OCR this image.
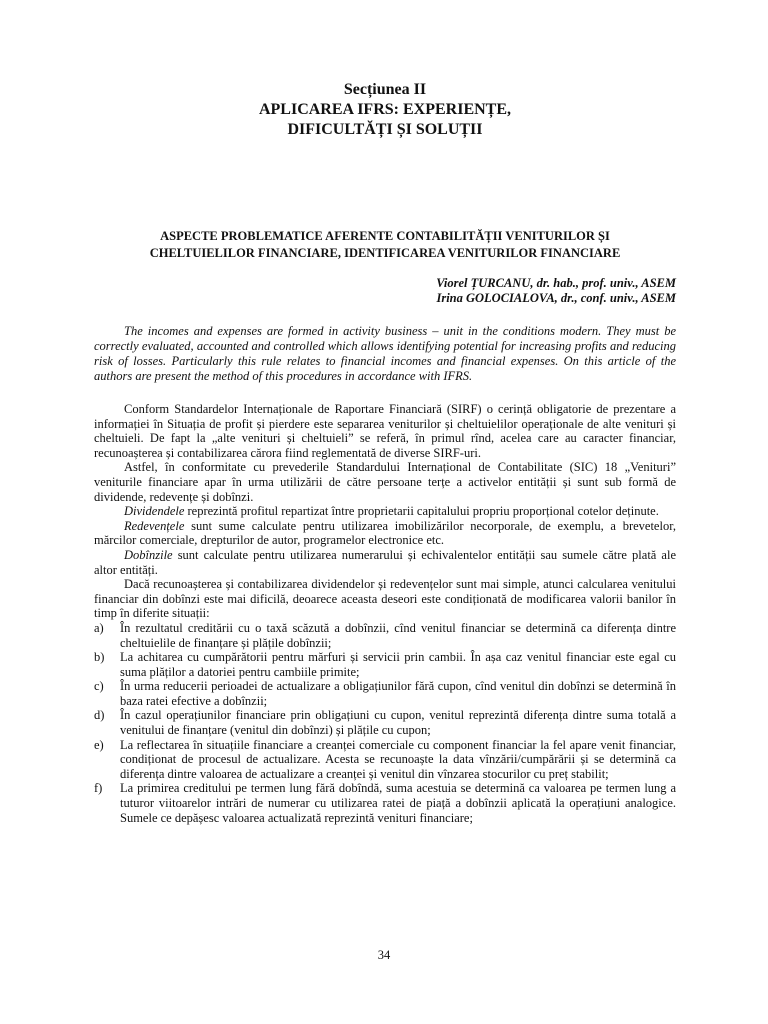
Secțiunea II
APLICAREA IFRS: EXPERIENȚE,
DIFICULTĂȚI ȘI SOLUȚII
ASPECTE PROBLEMATICE AFERENTE CONTABILITĂȚII VENITURILOR ȘI
CHELTUIELILOR FINANCIARE, IDENTIFICAREA VENITURILOR FINANCIARE
Viorel ȚURCANU, dr. hab., prof. univ., ASEM
Irina GOLOCIALOVA, dr., conf. univ., ASEM
The incomes and expenses are formed in activity business – unit in the conditions modern. They must be correctly evaluated, accounted and controlled which allows identifying potential for increasing profits and reducing risk of losses. Particularly this rule relates to financial incomes and financial expenses. On this article of the authors are present the method of this procedures in accordance with IFRS.

Conform Standardelor Internaționale de Raportare Financiară (SIRF) o cerință obligatorie de prezentare a informației în Situația de profit și pierdere este separarea veniturilor și cheltuielilor operaționale de alte venituri și cheltuieli. De fapt la „alte venituri și cheltuieli” se referă, în primul rînd, acelea care au caracter financiar, recunoașterea și contabilizarea cărora fiind reglementată de diverse SIRF-uri.

Astfel, în conformitate cu prevederile Standardului Internațional de Contabilitate (SIC) 18 „Venituri” veniturile financiare apar în urma utilizării de către persoane terțe a activelor entității și sunt sub formă de dividende, redevențe și dobînzi.

Dividendele reprezintă profitul repartizat între proprietarii capitalului propriu proporțional cotelor deținute.

Redevențele sunt sume calculate pentru utilizarea imobilizărilor necorporale, de exemplu, a brevetelor, mărcilor comerciale, drepturilor de autor, programelor electronice etc.

Dobînzile sunt calculate pentru utilizarea numerarului și echivalentelor entității sau sumele către plată ale altor entități.

Dacă recunoașterea și contabilizarea dividendelor și redevențelor sunt mai simple, atunci calcularea venitului financiar din dobînzi este mai dificilă, deoarece aceasta deseori este condiționată de modificarea valorii banilor în timp în diferite situații:

a)	În rezultatul creditării cu o taxă scăzută a dobînzii, cînd venitul financiar se determină ca diferența dintre cheltuielile de finanțare și plățile dobînzii;
b)	La achitarea cu cumpărătorii pentru mărfuri și servicii prin cambii. În așa caz venitul financiar este egal cu suma plăților a datoriei pentru cambiile primite;
c)	În urma reducerii perioadei de actualizare a obligațiunilor fără cupon, cînd venitul din dobînzi se determină în baza ratei efective a dobînzii;
d)	În cazul operațiunilor financiare prin obligațiuni cu cupon, venitul reprezintă diferența dintre suma totală a venitului de finanțare (venitul din dobînzi) și plățile cu cupon;
e)	La reflectarea în situațiile financiare a creanței comerciale cu component financiar la fel apare venit financiar, condiționat de procesul de actualizare. Acesta se recunoaște la data vînzării/cumpărării și se determină ca diferența dintre valoarea de actualizare a creanței și venitul din vînzarea stocurilor cu preț stabilit;
f)	La primirea creditului pe termen lung fără dobîndă, suma acestuia se determină ca valoarea pe termen lung a tuturor viitoarelor intrări de numerar cu utilizarea ratei de piață a dobînzii aplicată la operațiuni analogice. Sumele ce depășesc valoarea actualizată reprezintă venituri financiare;
34
